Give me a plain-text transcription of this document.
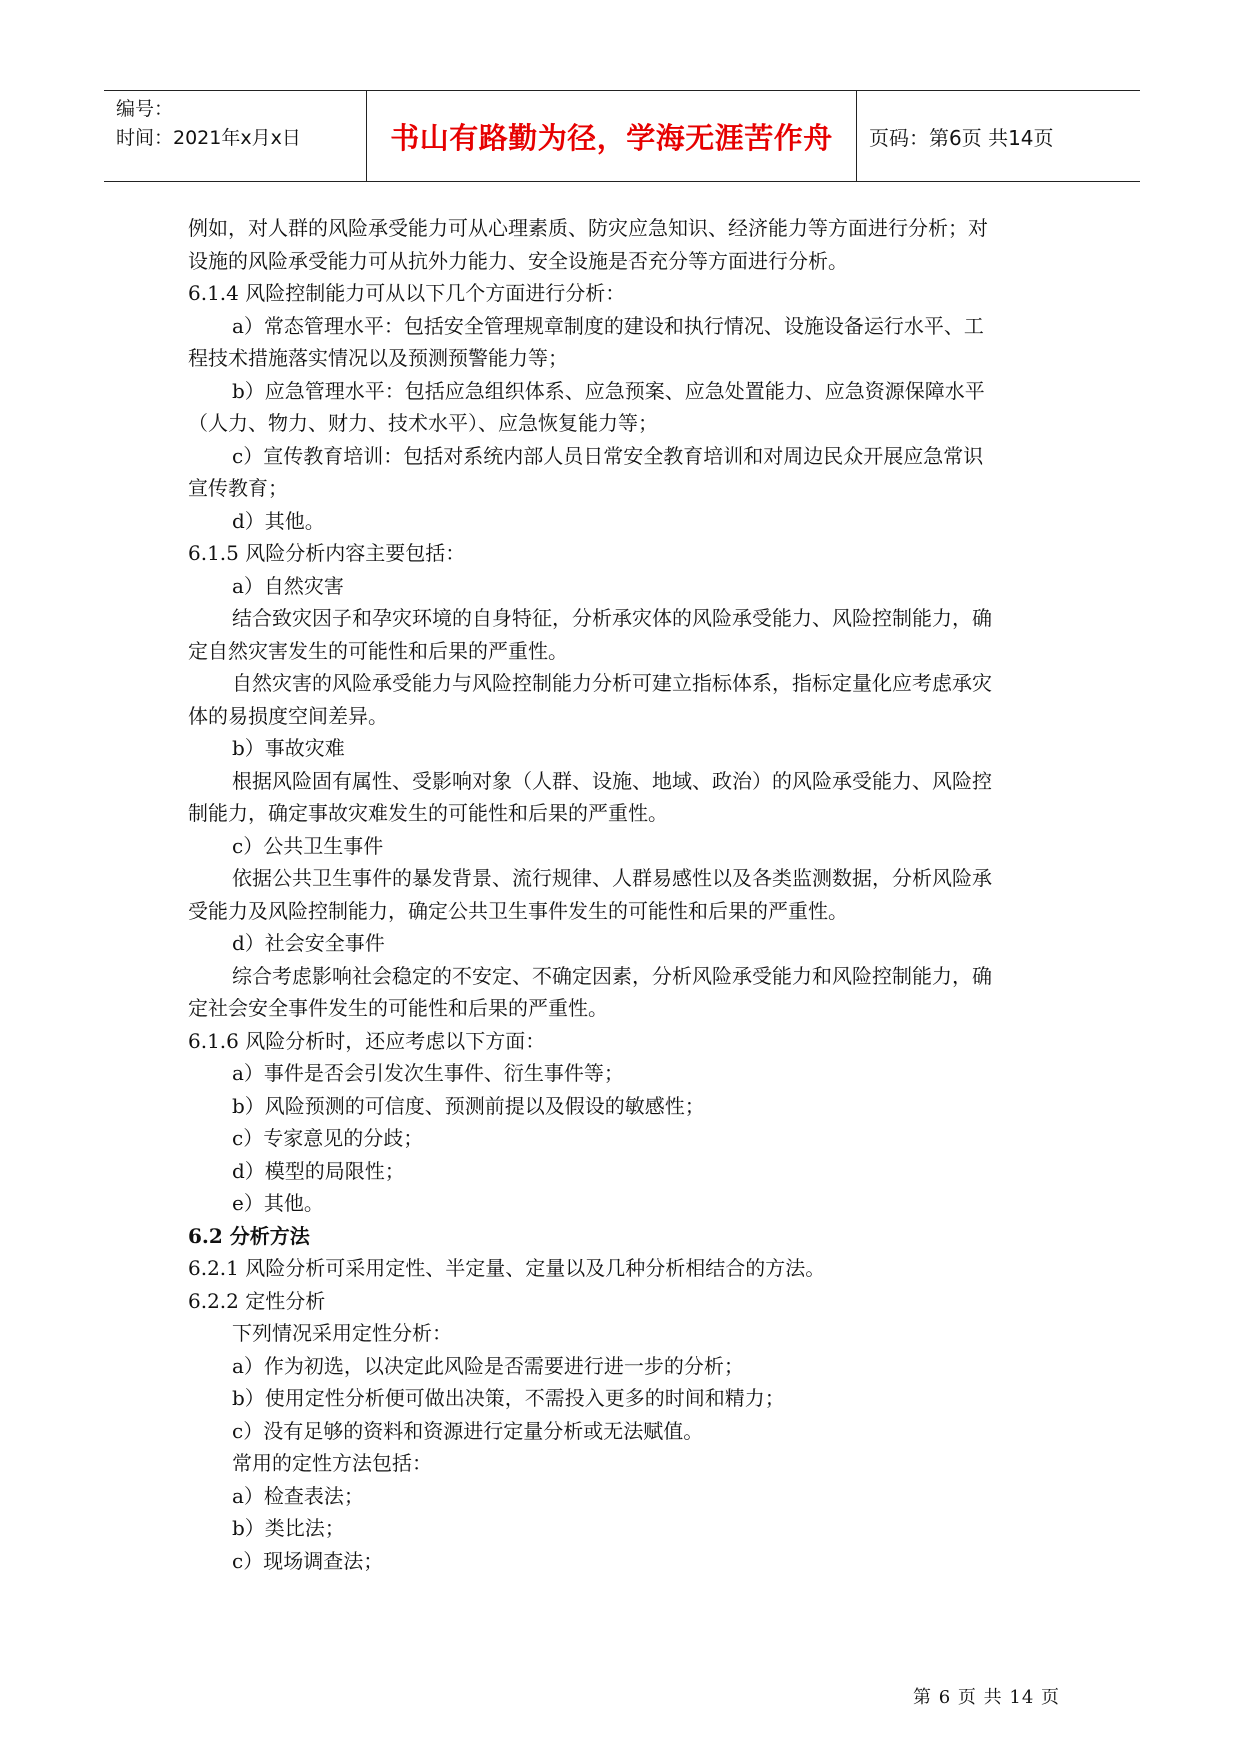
编号：
时间：2021年x月x日	书山有路勤为径，学海无涯苦作舟	页码：第6页 共14页

例如，对人群的风险承受能力可从心理素质、防灾应急知识、经济能力等方面进行分析；对

设施的风险承受能力可从抗外力能力、安全设施是否充分等方面进行分析。

6.1.4 风险控制能力可从以下几个方面进行分析：

a）常态管理水平：包括安全管理规章制度的建设和执行情况、设施设备运行水平、工

程技术措施落实情况以及预测预警能力等；

b）应急管理水平：包括应急组织体系、应急预案、应急处置能力、应急资源保障水平

（人力、物力、财力、技术水平）、应急恢复能力等；

c）宣传教育培训：包括对系统内部人员日常安全教育培训和对周边民众开展应急常识

宣传教育；

d）其他。

6.1.5 风险分析内容主要包括：

a）自然灾害

结合致灾因子和孕灾环境的自身特征，分析承灾体的风险承受能力、风险控制能力，确

定自然灾害发生的可能性和后果的严重性。

自然灾害的风险承受能力与风险控制能力分析可建立指标体系，指标定量化应考虑承灾

体的易损度空间差异。

b）事故灾难

根据风险固有属性、受影响对象（人群、设施、地域、政治）的风险承受能力、风险控

制能力，确定事故灾难发生的可能性和后果的严重性。

c）公共卫生事件

依据公共卫生事件的暴发背景、流行规律、人群易感性以及各类监测数据，分析风险承

受能力及风险控制能力，确定公共卫生事件发生的可能性和后果的严重性。

d）社会安全事件

综合考虑影响社会稳定的不安定、不确定因素，分析风险承受能力和风险控制能力，确

定社会安全事件发生的可能性和后果的严重性。

6.1.6 风险分析时，还应考虑以下方面：

a）事件是否会引发次生事件、衍生事件等；

b）风险预测的可信度、预测前提以及假设的敏感性；

c）专家意见的分歧；

d）模型的局限性；

e）其他。

6.2 分析方法

6.2.1 风险分析可采用定性、半定量、定量以及几种分析相结合的方法。

6.2.2 定性分析

下列情况采用定性分析：

a）作为初选，以决定此风险是否需要进行进一步的分析；

b）使用定性分析便可做出决策，不需投入更多的时间和精力；

c）没有足够的资料和资源进行定量分析或无法赋值。

常用的定性方法包括：

a）检查表法；

b）类比法；

c）现场调查法；

第 6 页 共 14 页
